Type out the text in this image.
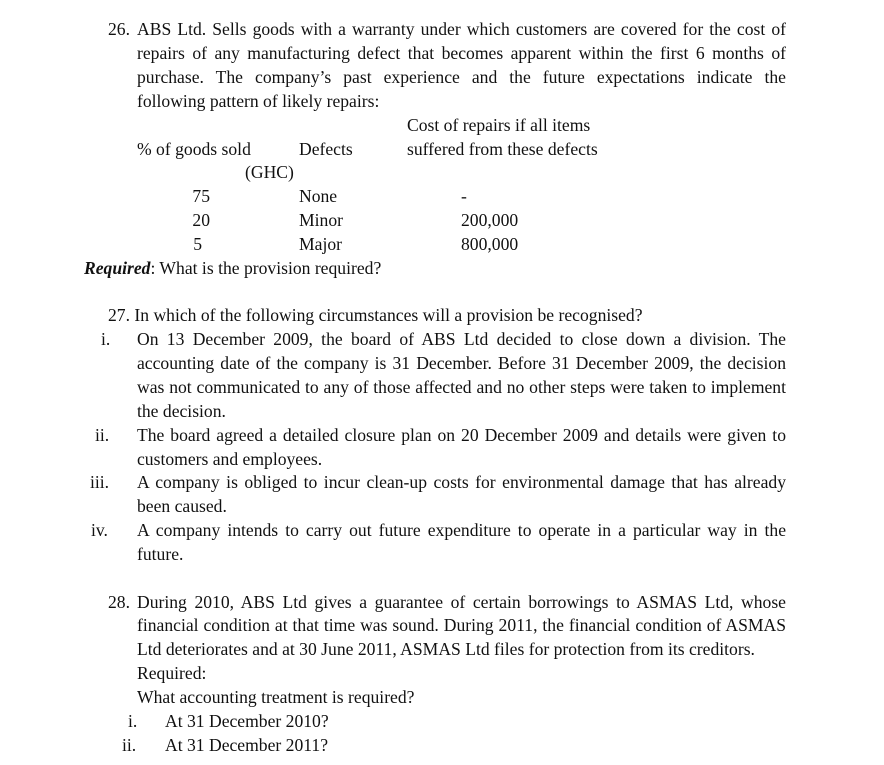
26. ABS Ltd. Sells goods with a warranty under which customers are covered for the cost of
repairs of any manufacturing defect that becomes apparent within the first 6 months of
purchase. The company’s past experience and the future expectations indicate the
following pattern of likely repairs:
Cost of repairs if all items
% of goods sold	Defects	suffered from these defects
(GHC)
75	None	-
20	Minor	200,000
5	Major	800,000
Required: What is the provision required?
27. In which of the following circumstances will a provision be recognised?
i. On 13 December 2009, the board of ABS Ltd decided to close down a division. The
accounting date of the company is 31 December. Before 31 December 2009, the decision
was not communicated to any of those affected and no other steps were taken to implement
the decision.
ii. The board agreed a detailed closure plan on 20 December 2009 and details were given to
customers and employees.
iii. A company is obliged to incur clean-up costs for environmental damage that has already
been caused.
iv. A company intends to carry out future expenditure to operate in a particular way in the
future.
28. During 2010, ABS Ltd gives a guarantee of certain borrowings to ASMAS Ltd, whose
financial condition at that time was sound. During 2011, the financial condition of ASMAS
Ltd deteriorates and at 30 June 2011, ASMAS Ltd files for protection from its creditors.
Required:
What accounting treatment is required?
i. At 31 December 2010?
ii. At 31 December 2011?
